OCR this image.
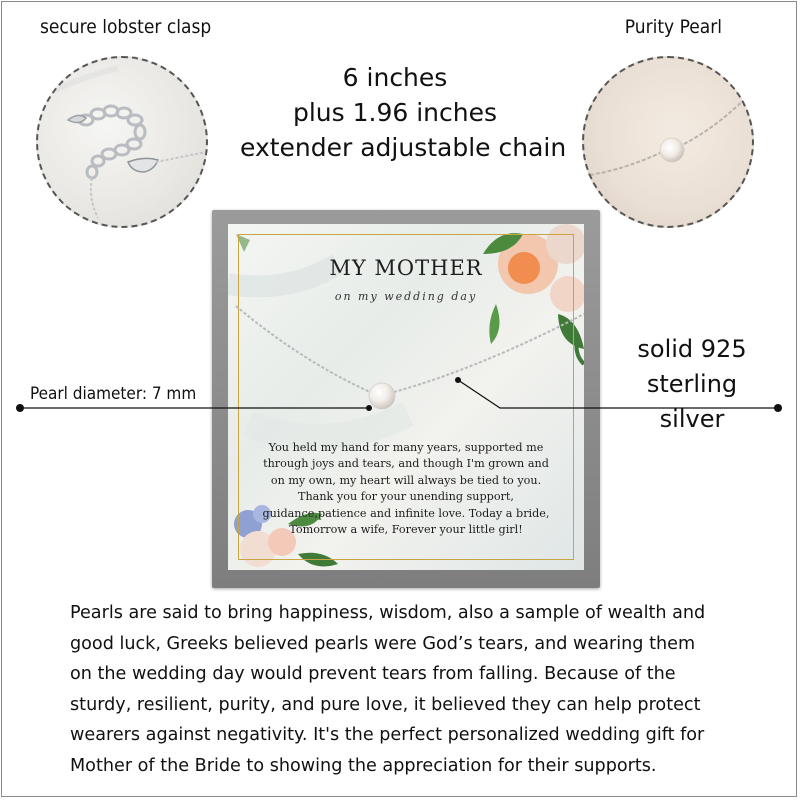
secure lobster clasp	Purity Pearl
6 inches
plus 1.96 inches
extender adjustable chain
MY MOTHER
on my wedding day
You held my hand for many years, supported me
through joys and tears, and though I'm grown and
on my own, my heart will always be tied to you.
Thank you for your unending support,
guidance,patience and infinite love. Today a bride,
Tomorrow a wife, Forever your little girl!
Pearl diameter: 7 mm
solid 925
sterling silver
Pearls are said to bring happiness, wisdom, also a sample of wealth and
good luck, Greeks believed pearls were God’s tears, and wearing them
on the wedding day would prevent tears from falling. Because of the
sturdy, resilient, purity, and pure love, it believed they can help protect
wearers against negativity. It's the perfect personalized wedding gift for
Mother of the Bride to showing the appreciation for their supports.
